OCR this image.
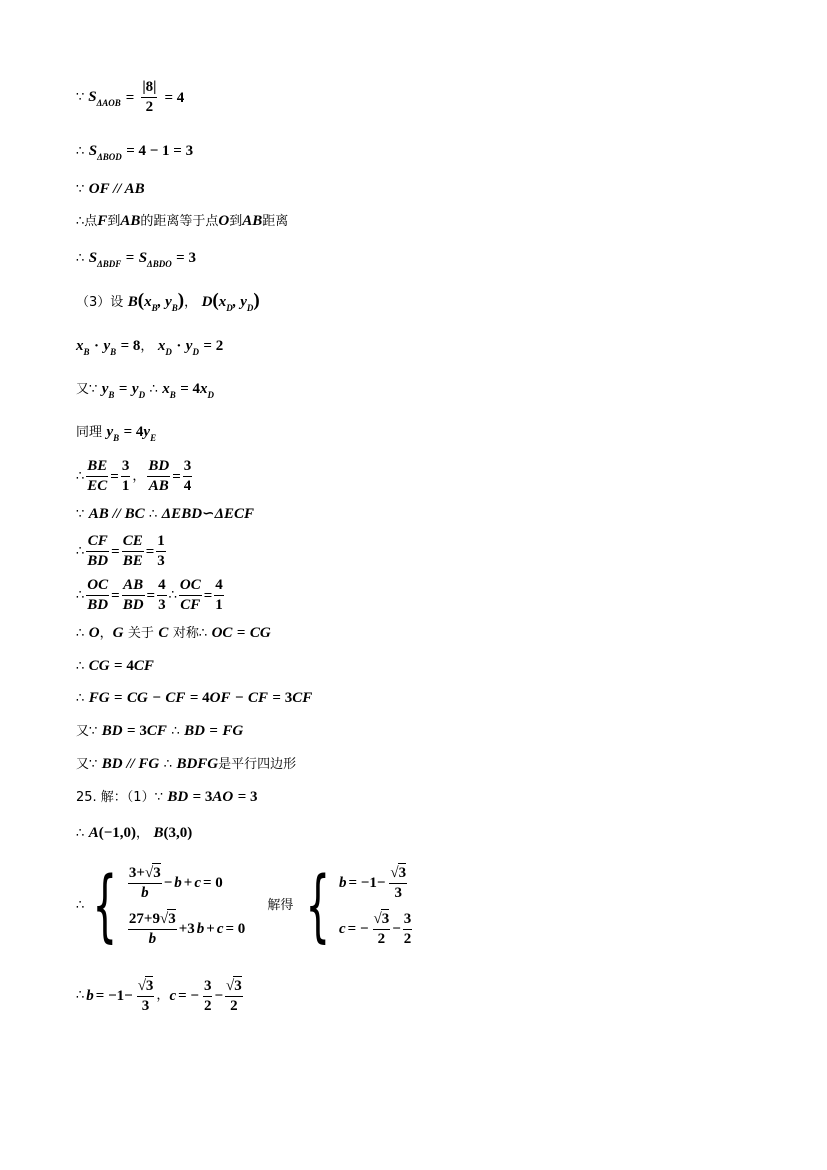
∵ $S_{\Delta AOB} = \frac{|8|}{2} = 4$
∴ $S_{\Delta BOD} = 4 - 1 = 3$
∵ OF // AB
∴点F到AB的距离等于点O到AB距离
∴ $S_{\Delta BDF} = S_{\Delta BDO} = 3$
（3）设 $B(x_B$, $y_B$)， $D(x_D$, $y_D$)
$x_B \cdot y_B = 8$， $x_D \cdot y_D = 2$
又∵ $y_B = y_D$ ∴ $x_B = 4x_D$
同理 $y_B = 4y_E$
∴ $\frac{BE}{EC} = \frac{3}{1}$ ， $\frac{BD}{AB} = \frac{3}{4}$
∵ AB // BC ∴ ΔEBD∽ΔECF
∴ $\frac{CF}{BD} = \frac{CE}{BE} = \frac{1}{3}$
∴ $\frac{OC}{BD} = \frac{AB}{BD} = \frac{4}{3}$ ∴ $\frac{OC}{CF} = \frac{4}{1}$
∴ O，G 关于 C 对称∴ OC = CG
∴ CG = 4CF
∴ FG = CG − CF = 4OF − CF = 3CF
又∵ BD = 3CF ∴ BD = FG
又∵ BD // FG ∴ BDFG是平行四边形
25. 解：（1）∵ BD = 3AO = 3
∴ A(−1,0)， B(3,0)
∴ { $\frac{3+√3}{b} - b + c = 0$
$\frac{27+9√3}{b} +3$ b + c = 0
解得 { $b = -1- \frac{√3}{3}$
c = − $\frac{√3}{2} - \frac{3}{2}$
∴ $b = -1- \frac{√3}{3}$ ， c = − $\frac{3}{2} - \frac{√3}{2}$
